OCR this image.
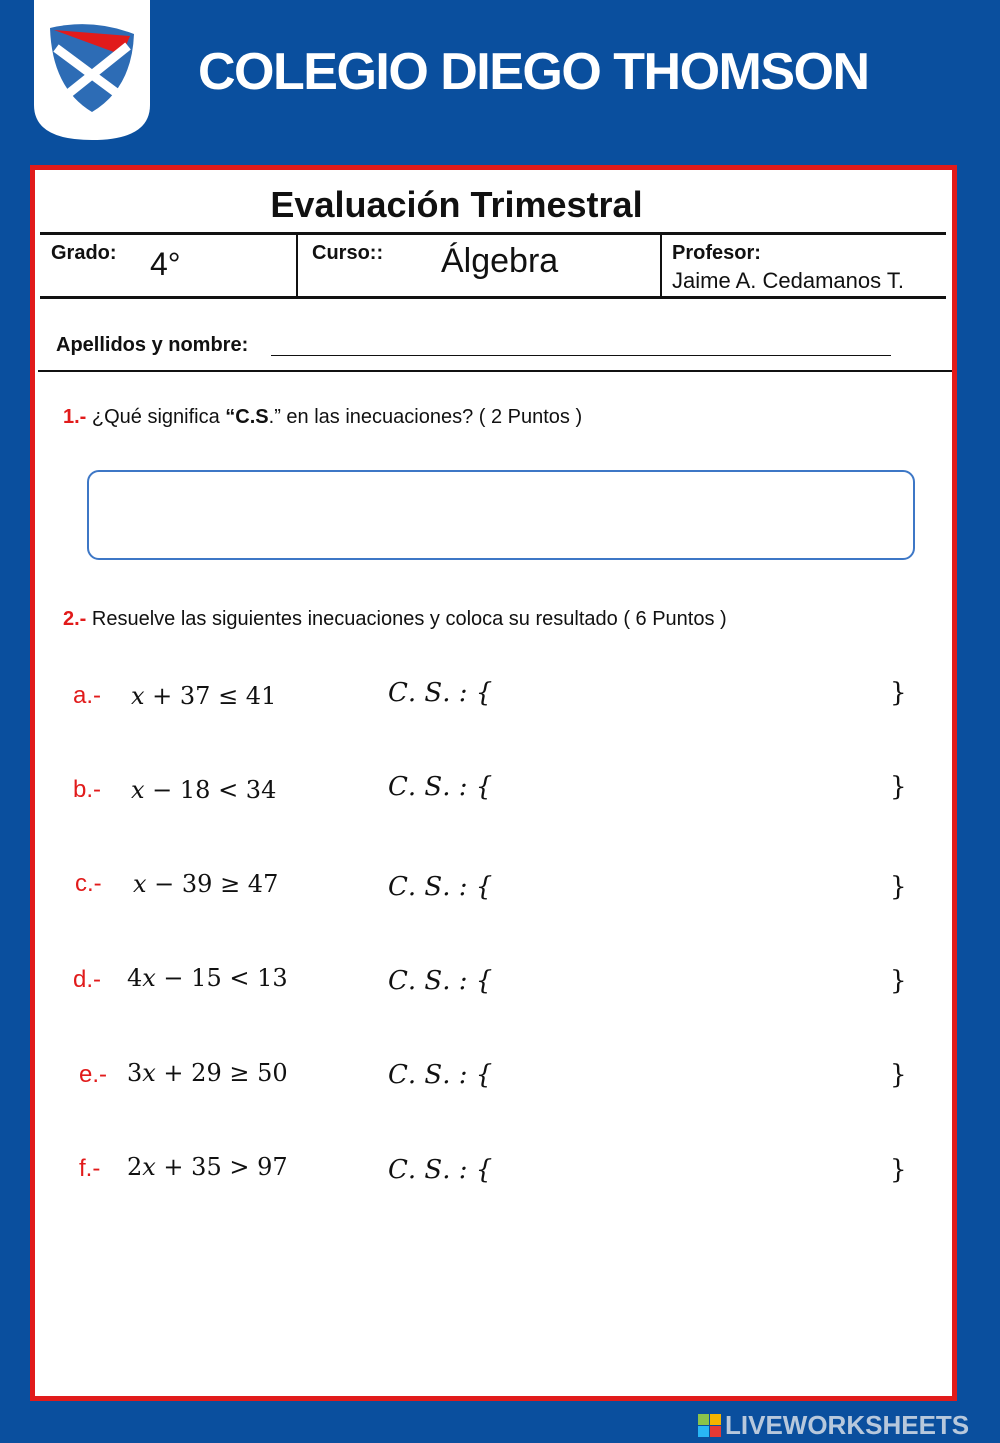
COLEGIO DIEGO THOMSON
Evaluación Trimestral
Grado: 4°	Curso:: Álgebra	Profesor:
Jaime A. Cedamanos T.
Apellidos y nombre:
1.- ¿Qué significa “C.S.” en las inecuaciones? ( 2 Puntos )
2.- Resuelve las siguientes inecuaciones y coloca su resultado ( 6 Puntos )
a.- 𝑥 + 37 ≤ 41	𝐶. 𝑆. : {	}
b.- 𝑥 − 18 < 34	𝐶. 𝑆. : {	}
c.- 𝑥 − 39 ≥ 47	𝐶. 𝑆. : {	}
d.- 4𝑥 − 15 < 13	𝐶. 𝑆. : {	}
e.- 3𝑥 + 29 ≥ 50	𝐶. 𝑆. : {	}
f.- 2𝑥 + 35 > 97	𝐶. 𝑆. : {	}
LIVEWORKSHEETS
